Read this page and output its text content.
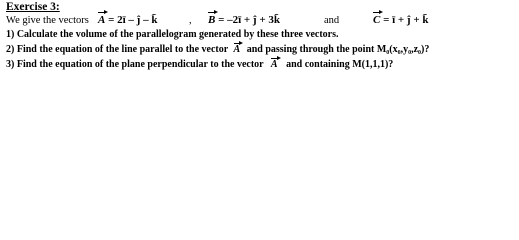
Exercise 3:
We give the vectors A = 2ī – ĵ – k̄	, B = –2ī + ĵ + 3k̄	and	C = ī + ĵ + k̄
1) Calculate the volume of the parallelogram generated by these three vectors.
2) Find the equation of the line parallel to the vector A and passing through the point M₀(x₀,y₀,z₀)?
3) Find the equation of the plane perpendicular to the vector A and containing M(1,1,1)?
